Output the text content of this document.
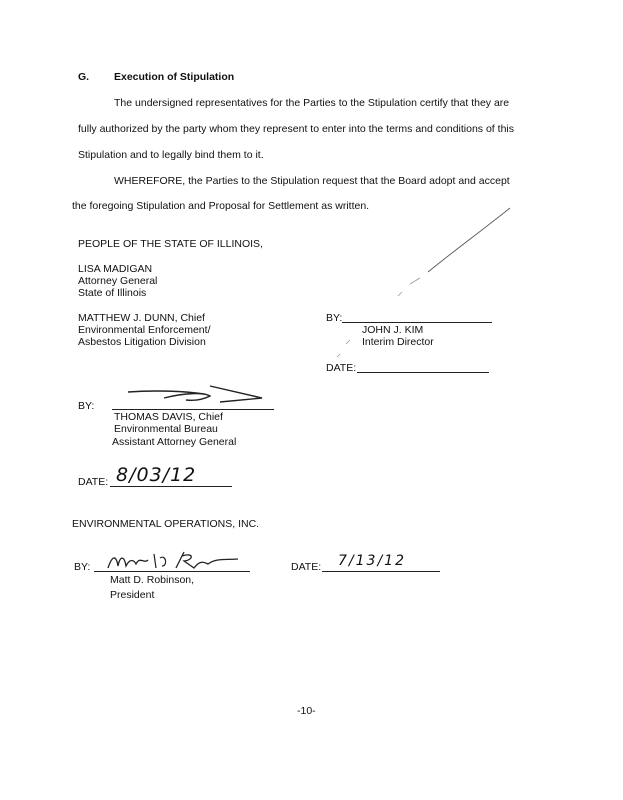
G. Execution of Stipulation
The undersigned representatives for the Parties to the Stipulation certify that they are
fully authorized by the party whom they represent to enter into the terms and conditions of this
Stipulation and to legally bind them to it.
WHEREFORE, the Parties to the Stipulation request that the Board adopt and accept
the foregoing Stipulation and Proposal for Settlement as written.
PEOPLE OF THE STATE OF ILLINOIS,
LISA MADIGAN
Attorney General
State of Illinois
MATTHEW J. DUNN, Chief
Environmental Enforcement/
Asbestos Litigation Division
BY:
JOHN J. KIM
Interim Director
DATE:
BY:
THOMAS DAVIS, Chief
Environmental Bureau
Assistant Attorney General
DATE: 8/03/12
ENVIRONMENTAL OPERATIONS, INC.
BY:
Matt D. Robinson,
President
DATE: 7/13/12
-10-
